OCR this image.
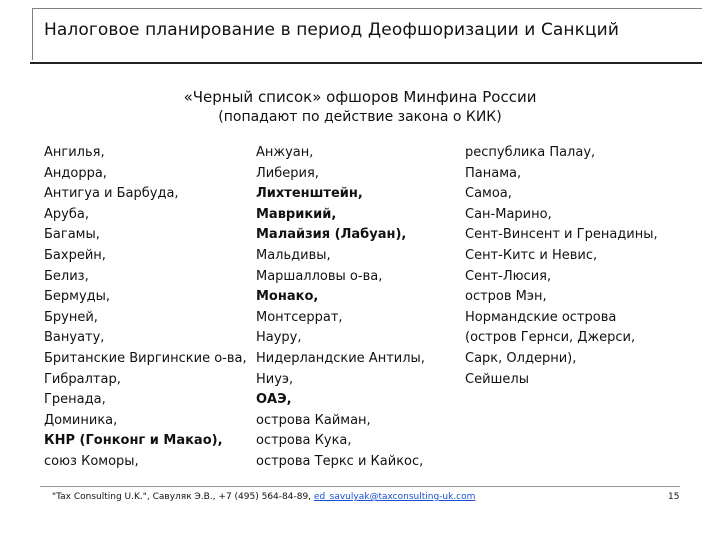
Налоговое планирование в период Деофшоризации и Санкций
«Черный список» офшоров Минфина России
(попадают по действие закона о КИК)
Ангилья,
Андорра,
Антигуа и Барбуда,
Аруба,
Багамы,
Бахрейн,
Белиз,
Бермуды,
Бруней,
Вануату,
Британские Виргинские о-ва,
Гибралтар,
Гренада,
Доминика,
КНР (Гонконг и Макао),
союз Коморы,
Анжуан,
Либерия,
Лихтенштейн,
Маврикий,
Малайзия (Лабуан),
Мальдивы,
Маршалловы о-ва,
Монако,
Монтсеррат,
Науру,
Нидерландские Антилы,
Ниуэ,
ОАЭ,
острова Кайман,
острова Кука,
острова Теркс и Кайкос,
республика Палау,
Панама,
Самоа,
Сан-Марино,
Сент-Винсент и Гренадины,
Сент-Китс и Невис,
Сент-Люсия,
остров Мэн,
Нормандские острова
(остров Гернси, Джерси,
Сарк, Олдерни),
Сейшелы
"Tax Consulting U.K.", Савуляк Э.В., +7 (495) 564-84-89, ed_savulyak@taxconsulting-uk.com	15
